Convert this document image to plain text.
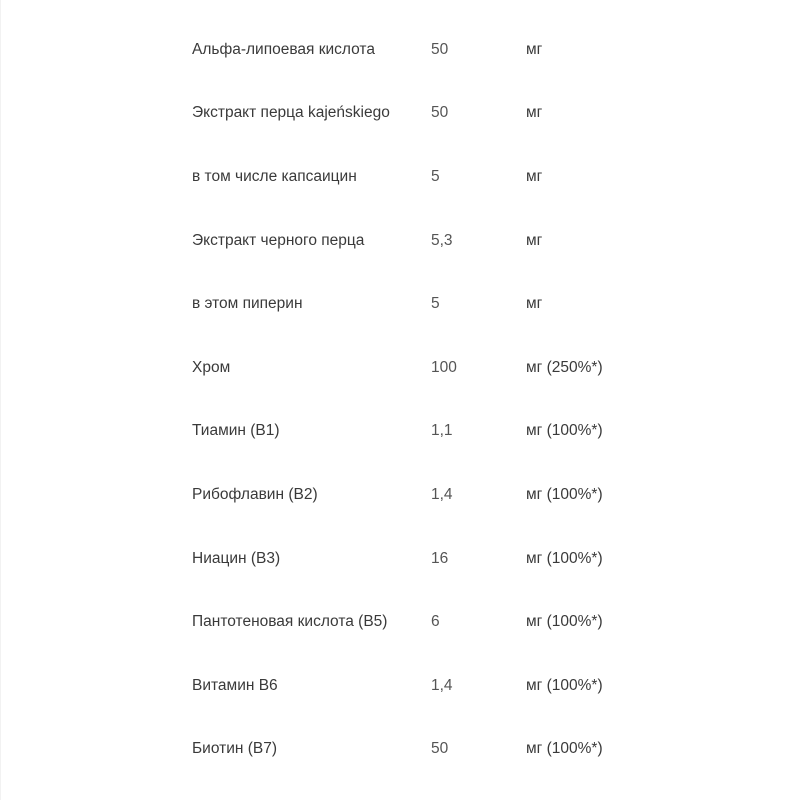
Альфа-липоевая кислота	50	мг
Экстракт перца kajeńskiego	50	мг
в том числе капсаицин	5	мг
Экстракт черного перца	5,3	мг
в этом пиперин	5	мг
Хром	100	мг (250%*)
Тиамин (B1)	1,1	мг (100%*)
Рибофлавин (B2)	1,4	мг (100%*)
Ниацин (B3)	16	мг (100%*)
Пантотеновая кислота (B5)	6	мг (100%*)
Витамин B6	1,4	мг (100%*)
Биотин (B7)	50	мг (100%*)
